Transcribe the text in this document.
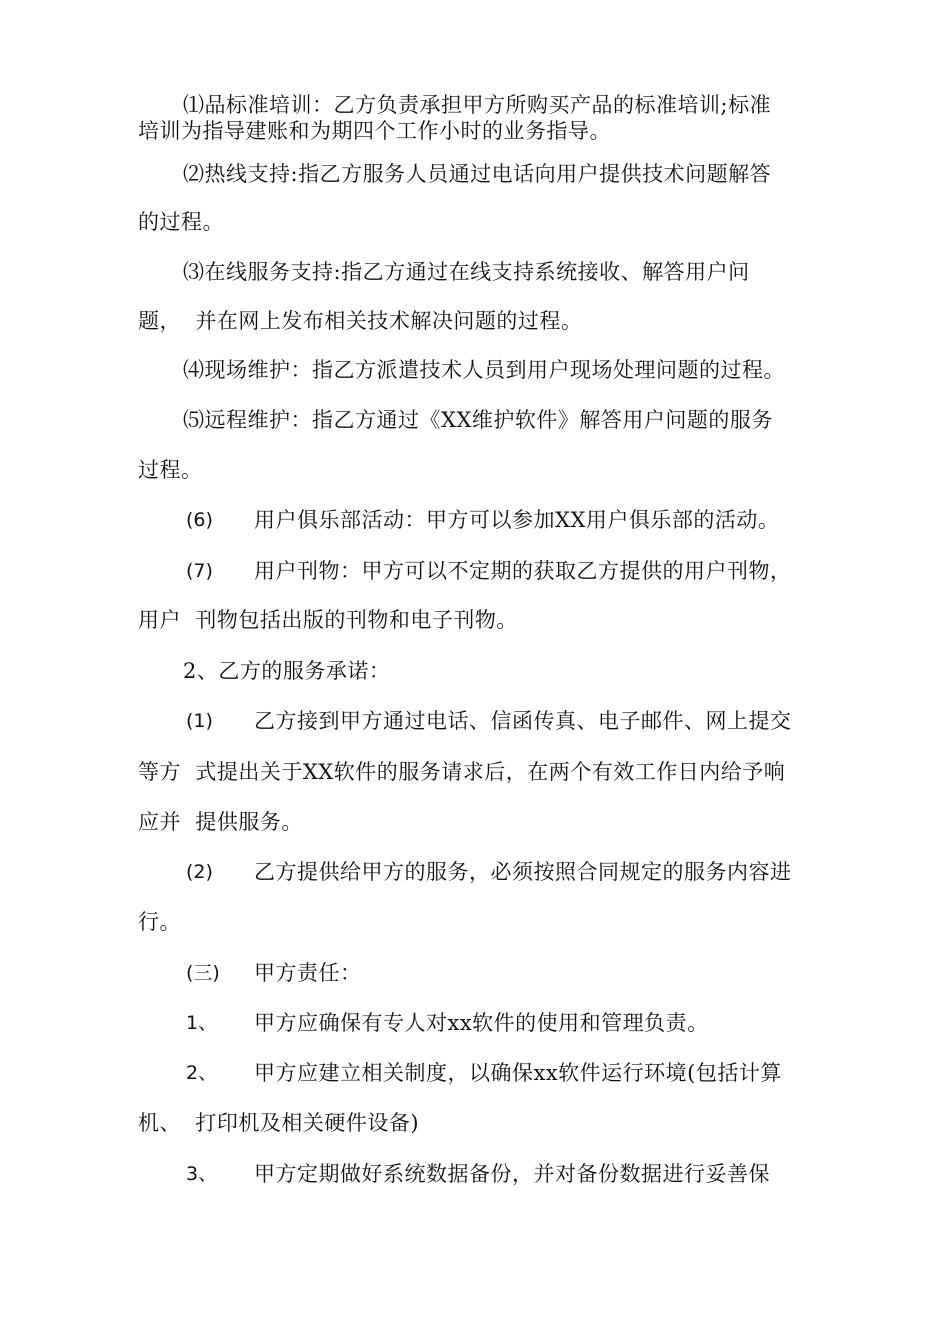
⑴品标准培训：乙方负责承担甲方所购买产品的标准培训;标准
培训为指导建账和为期四个工作小时的业务指导。
⑵热线支持:指乙方服务人员通过电话向用户提供技术问题解答
的过程。
⑶在线服务支持:指乙方通过在线支持系统接收、解答用户问
题，  并在网上发布相关技术解决问题的过程。
⑷现场维护：指乙方派遣技术人员到用户现场处理问题的过程。
⑸远程维护：指乙方通过《XX维护软件》解答用户问题的服务
过程。
(6) 用户俱乐部活动：甲方可以参加XX用户俱乐部的活动。
(7) 用户刊物：甲方可以不定期的获取乙方提供的用户刊物，
用户  刊物包括出版的刊物和电子刊物。
2、乙方的服务承诺：
(1) 乙方接到甲方通过电话、信函传真、电子邮件、网上提交
等方  式提出关于XX软件的服务请求后，在两个有效工作日内给予响
应并  提供服务。
(2) 乙方提供给甲方的服务，必须按照合同规定的服务内容进
行。
(三) 甲方责任：
1、 甲方应确保有专人对xx软件的使用和管理负责。
2、 甲方应建立相关制度，以确保xx软件运行环境(包括计算
机、  打印机及相关硬件设备)
3、 甲方定期做好系统数据备份，并对备份数据进行妥善保
